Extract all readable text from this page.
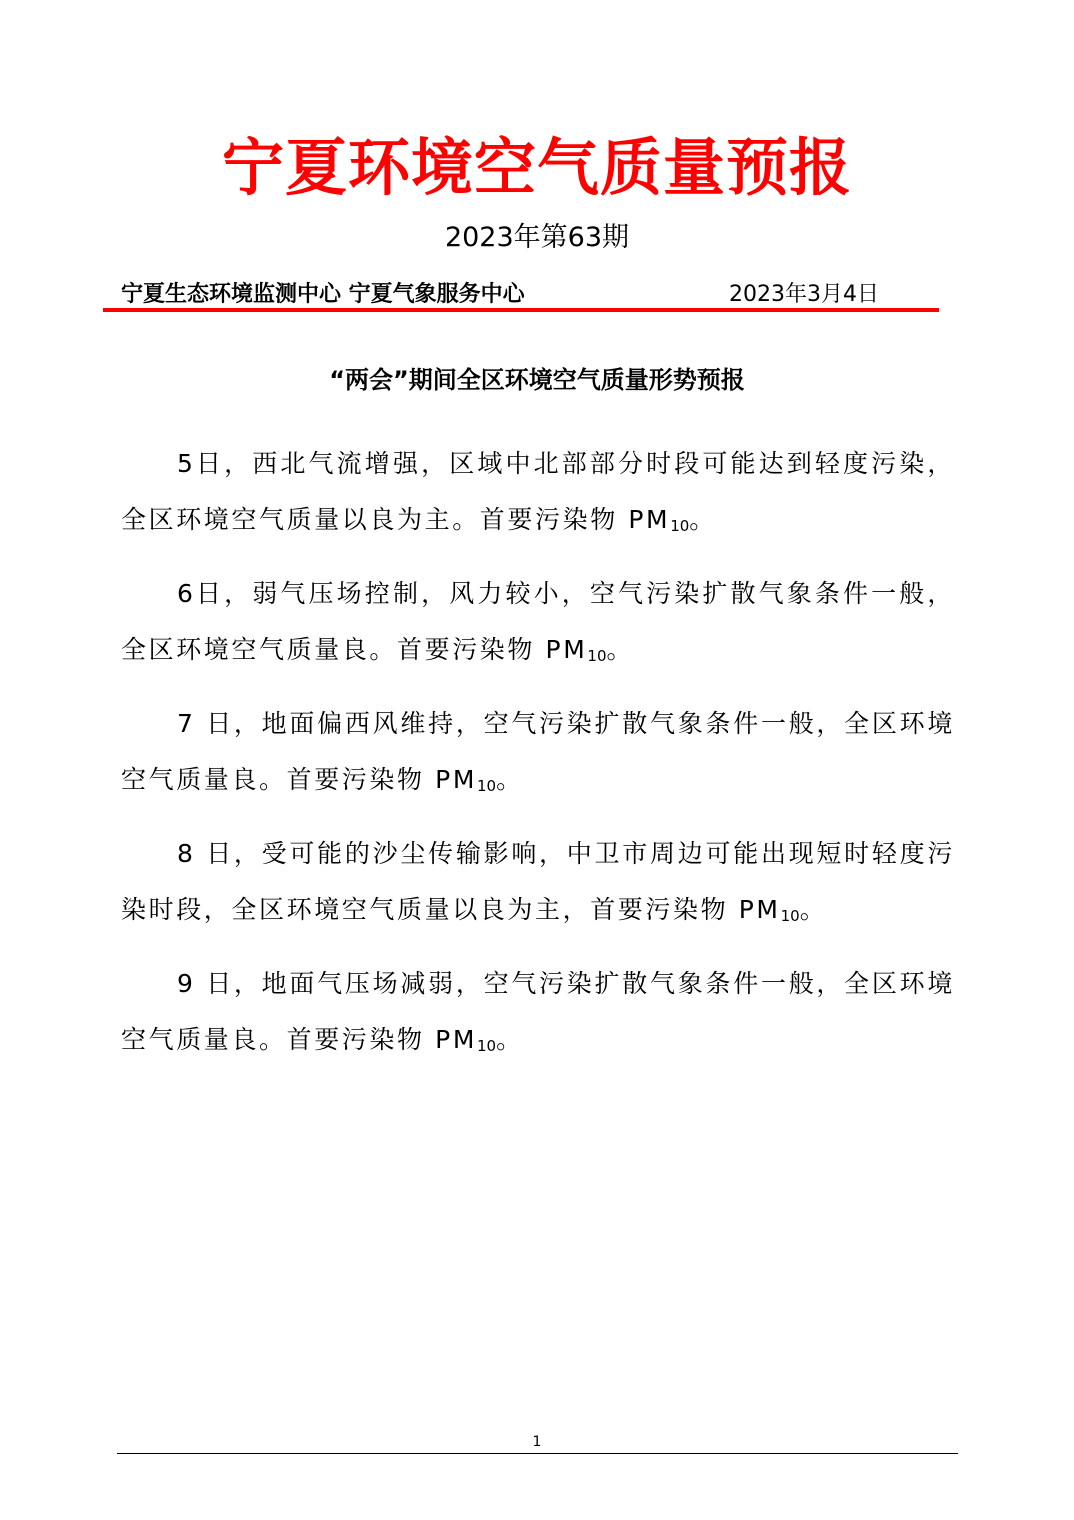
宁夏环境空气质量预报
2023年第63期
宁夏生态环境监测中心 宁夏气象服务中心	2023年3月4日
“两会”期间全区环境空气质量形势预报

5日，西北气流增强，区域中北部部分时段可能达到轻度污染，全区环境空气质量以良为主。首要污染物 $PM_{10}$。

6日，弱气压场控制，风力较小，空气污染扩散气象条件一般，全区环境空气质量良。首要污染物 $PM_{10}$。

7 日，地面偏西风维持，空气污染扩散气象条件一般，全区环境空气质量良。首要污染物 $PM_{10}$。

8 日，受可能的沙尘传输影响，中卫市周边可能出现短时轻度污染时段，全区环境空气质量以良为主，首要污染物 $PM_{10}$。

9 日，地面气压场减弱，空气污染扩散气象条件一般，全区环境空气质量良。首要污染物 $PM_{10}$。

1
